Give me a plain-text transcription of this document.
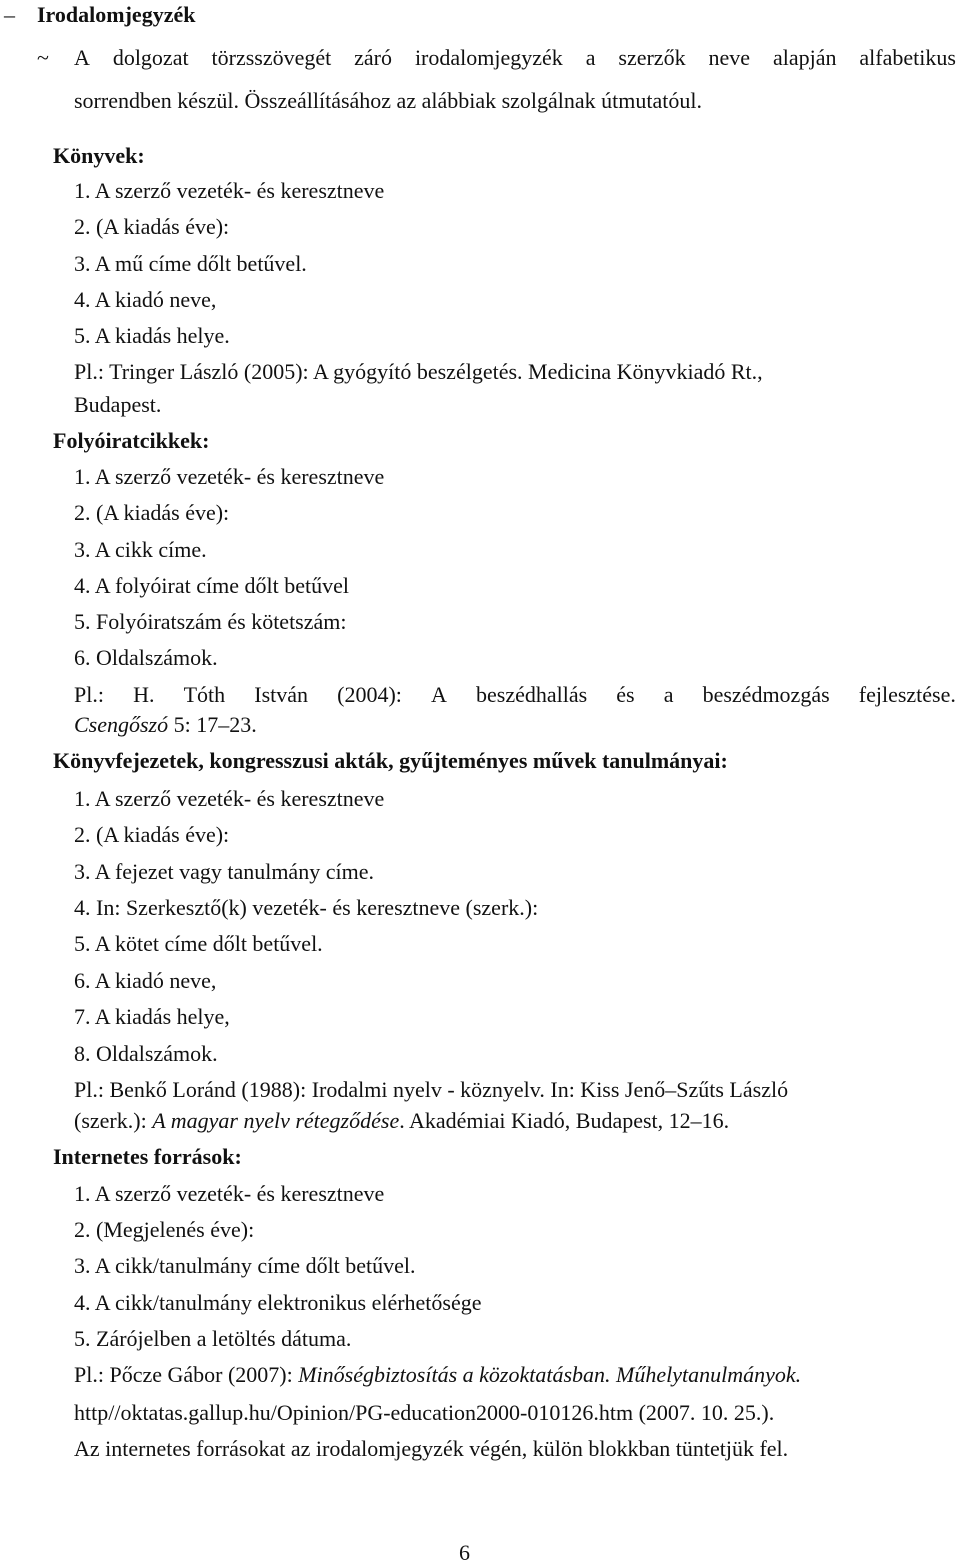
– Irodalomjegyzék
~ A dolgozat törzsszövegét záró irodalomjegyzék a szerzők neve alapján alfabetikus
sorrendben készül. Összeállításához az alábbiak szolgálnak útmutatóul.
Könyvek:
1. A szerző vezeték- és keresztneve
2. (A kiadás éve):
3. A mű címe dőlt betűvel.
4. A kiadó neve,
5. A kiadás helye.
Pl.: Tringer László (2005): A gyógyító beszélgetés. Medicina Könyvkiadó Rt.,
Budapest.
Folyóiratcikkek:
1. A szerző vezeték- és keresztneve
2. (A kiadás éve):
3. A cikk címe.
4. A folyóirat címe dőlt betűvel
5. Folyóiratszám és kötetszám:
6. Oldalszámok.
Pl.: H. Tóth István (2004): A beszédhallás és a beszédmozgás fejlesztése.
Csengőszó 5: 17–23.
Könyvfejezetek, kongresszusi akták, gyűjteményes művek tanulmányai:
1. A szerző vezeték- és keresztneve
2. (A kiadás éve):
3. A fejezet vagy tanulmány címe.
4. In: Szerkesztő(k) vezeték- és keresztneve (szerk.):
5. A kötet címe dőlt betűvel.
6. A kiadó neve,
7. A kiadás helye,
8. Oldalszámok.
Pl.: Benkő Loránd (1988): Irodalmi nyelv - köznyelv. In: Kiss Jenő–Szűts László
(szerk.): A magyar nyelv rétegződése. Akadémiai Kiadó, Budapest, 12–16.
Internetes források:
1. A szerző vezeték- és keresztneve
2. (Megjelenés éve):
3. A cikk/tanulmány címe dőlt betűvel.
4. A cikk/tanulmány elektronikus elérhetősége
5. Zárójelben a letöltés dátuma.
Pl.: Pőcze Gábor (2007): Minőségbiztosítás a közoktatásban. Műhelytanulmányok.
http//oktatas.gallup.hu/Opinion/PG-education2000-010126.htm (2007. 10. 25.).
Az internetes forrásokat az irodalomjegyzék végén, külön blokkban tüntetjük fel.
6
